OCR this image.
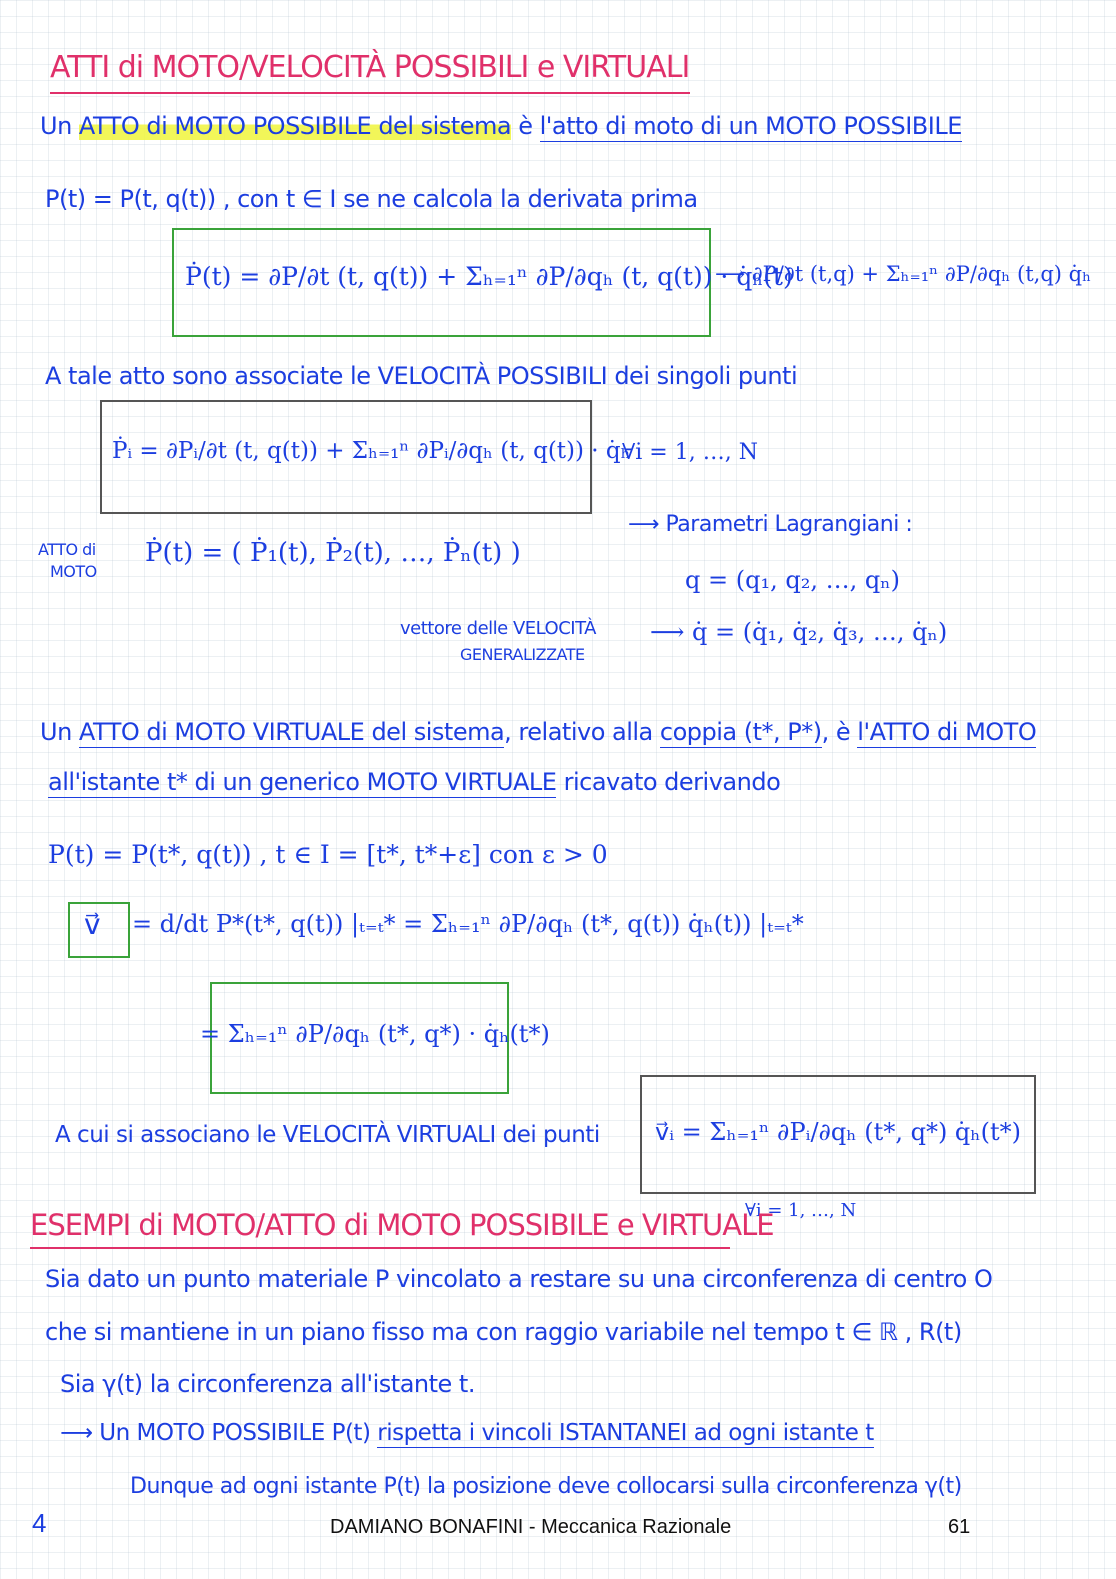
ATTI di MOTO/VELOCITÀ POSSIBILI e VIRTUALI
Un ATTO di MOTO POSSIBILE del sistema è l'atto di moto di un MOTO POSSIBILE
P(t) = P(t, q(t)) , con t ∈ I se ne calcola la derivata prima
Ṗ(t) = ∂P/∂t (t, q(t)) + Σₕ₌₁ⁿ ∂P/∂qₕ (t, q(t)) · q̇ₕ(t)
⟶ ∂P/∂t (t,q) + Σₕ₌₁ⁿ ∂P/∂qₕ (t,q) q̇ₕ
A tale atto sono associate le VELOCITÀ POSSIBILI dei singoli punti
Ṗᵢ = ∂Pᵢ/∂t (t, q(t)) + Σₕ₌₁ⁿ ∂Pᵢ/∂qₕ (t, q(t)) · q̇ₕ
∀i = 1, …, N
ATTO di
MOTO
Ṗ(t) = ( Ṗ₁(t), Ṗ₂(t), …, Ṗₙ(t) )
⟶ Parametri Lagrangiani :
q = (q₁, q₂, …, qₙ)
⟶ q̇ = (q̇₁, q̇₂, q̇₃, …, q̇ₙ)
vettore delle VELOCITÀ
GENERALIZZATE
Un ATTO di MOTO VIRTUALE del sistema, relativo alla coppia (t*, P*), è l'ATTO di MOTO
all'istante t* di un generico MOTO VIRTUALE ricavato derivando
P(t) = P(t*, q(t)) , t ∈ I = [t*, t*+ε] con ε > 0
v⃗ = d/dt P*(t*, q(t)) |ₜ₌ₜ* = Σₕ₌₁ⁿ ∂P/∂qₕ (t*, q(t)) q̇ₕ(t)) |ₜ₌ₜ*
= Σₕ₌₁ⁿ ∂P/∂qₕ (t*, q*) · q̇ₕ(t*)
A cui si associano le VELOCITÀ VIRTUALI dei punti v⃗ᵢ = Σₕ₌₁ⁿ ∂Pᵢ/∂qₕ (t*, q*) q̇ₕ(t*)
∀i = 1, …, N
ESEMPI di MOTO/ATTO di MOTO POSSIBILE e VIRTUALE
Sia dato un punto materiale P vincolato a restare su una circonferenza di centro O
che si mantiene in un piano fisso ma con raggio variabile nel tempo t ∈ ℝ , R(t)
Sia γ(t) la circonferenza all'istante t.
⟶ Un MOTO POSSIBILE P(t) rispetta i vincoli ISTANTANEI ad ogni istante t
Dunque ad ogni istante P(t) la posizione deve collocarsi sulla circonferenza γ(t)
4	DAMIANO BONAFINI - Meccanica Razionale	61
